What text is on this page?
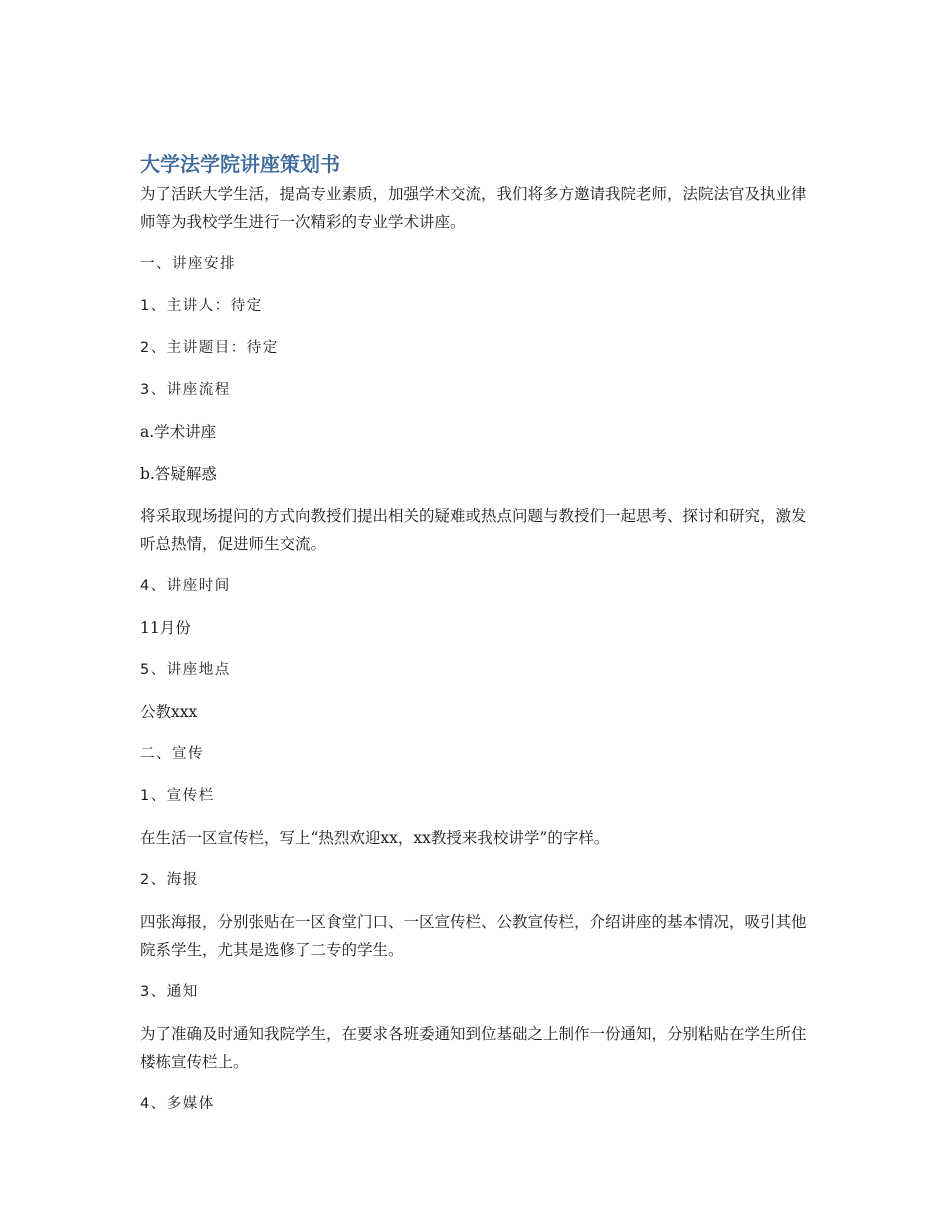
大学法学院讲座策划书

为了活跃大学生活，提高专业素质，加强学术交流，我们将多方邀请我院老师，法院法官及执业律师等为我校学生进行一次精彩的专业学术讲座。

一、讲座安排

1、主讲人：待定

2、主讲题目：待定

3、讲座流程

a.学术讲座

b.答疑解惑

将采取现场提问的方式向教授们提出相关的疑难或热点问题与教授们一起思考、探讨和研究，激发听总热情，促进师生交流。

4、讲座时间

11月份

5、讲座地点

公教xxx

二、宣传

1、宣传栏

在生活一区宣传栏，写上“热烈欢迎xx，xx教授来我校讲学”的字样。

2、海报

四张海报，分别张贴在一区食堂门口、一区宣传栏、公教宣传栏，介绍讲座的基本情况，吸引其他院系学生，尤其是选修了二专的学生。

3、通知

为了准确及时通知我院学生，在要求各班委通知到位基础之上制作一份通知，分别粘贴在学生所住楼栋宣传栏上。

4、多媒体
